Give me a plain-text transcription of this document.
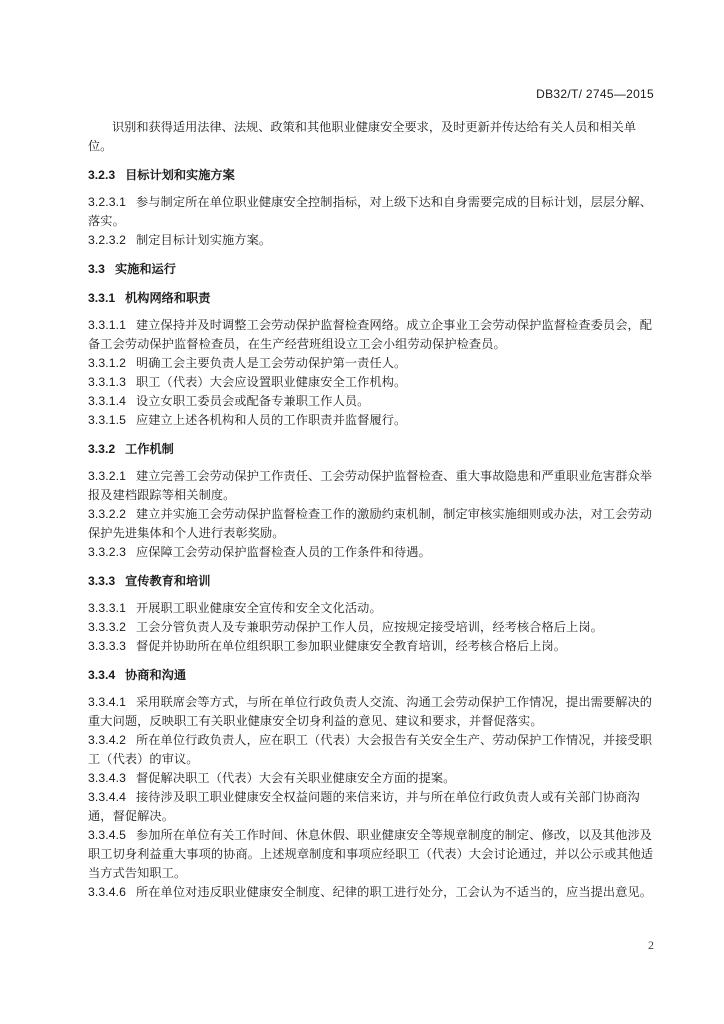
DB32/T/ 2745—2015

识别和获得适用法律、法规、政策和其他职业健康安全要求，及时更新并传达给有关人员和相关单位。

3.2.3 目标计划和实施方案

3.2.3.1 参与制定所在单位职业健康安全控制指标，对上级下达和自身需要完成的目标计划，层层分解、落实。

3.2.3.2 制定目标计划实施方案。

3.3 实施和运行

3.3.1 机构网络和职责

3.3.1.1 建立保持并及时调整工会劳动保护监督检查网络。成立企事业工会劳动保护监督检查委员会，配备工会劳动保护监督检查员，在生产经营班组设立工会小组劳动保护检查员。

3.3.1.2 明确工会主要负责人是工会劳动保护第一责任人。

3.3.1.3 职工（代表）大会应设置职业健康安全工作机构。

3.3.1.4 设立女职工委员会或配备专兼职工作人员。

3.3.1.5 应建立上述各机构和人员的工作职责并监督履行。

3.3.2 工作机制

3.3.2.1 建立完善工会劳动保护工作责任、工会劳动保护监督检查、重大事故隐患和严重职业危害群众举报及建档跟踪等相关制度。

3.3.2.2 建立并实施工会劳动保护监督检查工作的激励约束机制，制定审核实施细则或办法，对工会劳动保护先进集体和个人进行表彰奖励。

3.3.2.3 应保障工会劳动保护监督检查人员的工作条件和待遇。

3.3.3 宣传教育和培训

3.3.3.1 开展职工职业健康安全宣传和安全文化活动。

3.3.3.2 工会分管负责人及专兼职劳动保护工作人员，应按规定接受培训，经考核合格后上岗。

3.3.3.3 督促并协助所在单位组织职工参加职业健康安全教育培训，经考核合格后上岗。

3.3.4 协商和沟通

3.3.4.1 采用联席会等方式，与所在单位行政负责人交流、沟通工会劳动保护工作情况，提出需要解决的重大问题，反映职工有关职业健康安全切身利益的意见、建议和要求，并督促落实。

3.3.4.2 所在单位行政负责人，应在职工（代表）大会报告有关安全生产、劳动保护工作情况，并接受职工（代表）的审议。

3.3.4.3 督促解决职工（代表）大会有关职业健康安全方面的提案。

3.3.4.4 接待涉及职工职业健康安全权益问题的来信来访，并与所在单位行政负责人或有关部门协商沟通，督促解决。

3.3.4.5 参加所在单位有关工作时间、休息休假、职业健康安全等规章制度的制定、修改，以及其他涉及职工切身利益重大事项的协商。上述规章制度和事项应经职工（代表）大会讨论通过，并以公示或其他适当方式告知职工。

3.3.4.6 所在单位对违反职业健康安全制度、纪律的职工进行处分，工会认为不适当的，应当提出意见。

2
